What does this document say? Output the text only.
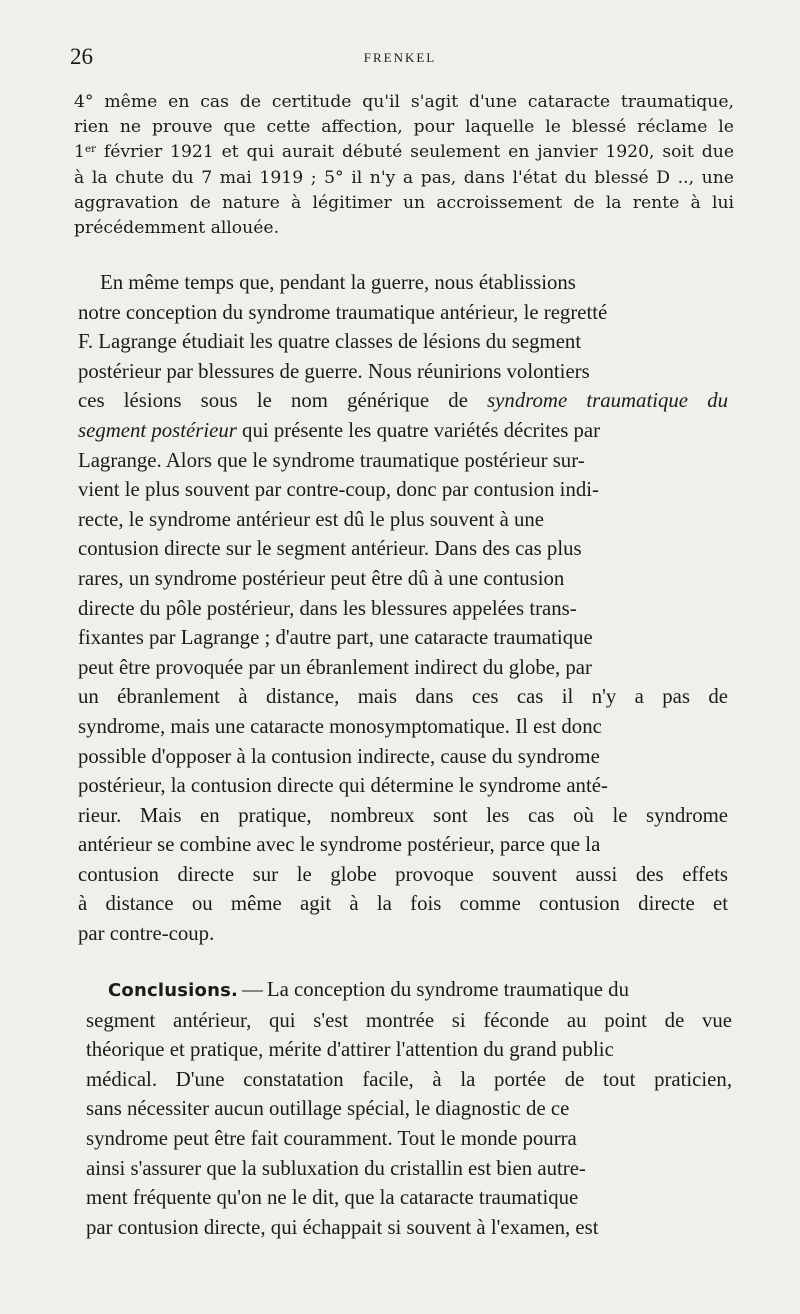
26	FRENKEL
4° même en cas de certitude qu'il s'agit d'une cataracte traumatique,
rien ne prouve que cette affection, pour laquelle le blessé réclame le
1er février 1921 et qui aurait débuté seulement en janvier 1920, soit due
à la chute du 7 mai 1919 ; 5° il n'y a pas, dans l'état du blessé D .., une
aggravation de nature à légitimer un accroissement de la rente à lui
précédemment allouée.
En même temps que, pendant la guerre, nous établissions
notre conception du syndrome traumatique antérieur, le regretté
F. Lagrange étudiait les quatre classes de lésions du segment
postérieur par blessures de guerre. Nous réunirions volontiers
ces lésions sous le nom générique de syndrome traumatique du
segment postérieur qui présente les quatre variétés décrites par
Lagrange. Alors que le syndrome traumatique postérieur sur-
vient le plus souvent par contre-coup, donc par contusion indi-
recte, le syndrome antérieur est dû le plus souvent à une
contusion directe sur le segment antérieur. Dans des cas plus
rares, un syndrome postérieur peut être dû à une contusion
directe du pôle postérieur, dans les blessures appelées trans-
fixantes par Lagrange ; d'autre part, une cataracte traumatique
peut être provoquée par un ébranlement indirect du globe, par
un ébranlement à distance, mais dans ces cas il n'y a pas de
syndrome, mais une cataracte monosymptomatique. Il est donc
possible d'opposer à la contusion indirecte, cause du syndrome
postérieur, la contusion directe qui détermine le syndrome anté-
rieur. Mais en pratique, nombreux sont les cas où le syndrome
antérieur se combine avec le syndrome postérieur, parce que la
contusion directe sur le globe provoque souvent aussi des effets
à distance ou même agit à la fois comme contusion directe et
par contre-coup.
Conclusions. — La conception du syndrome traumatique du
segment antérieur, qui s'est montrée si féconde au point de vue
théorique et pratique, mérite d'attirer l'attention du grand public
médical. D'une constatation facile, à la portée de tout praticien,
sans nécessiter aucun outillage spécial, le diagnostic de ce
syndrome peut être fait couramment. Tout le monde pourra
ainsi s'assurer que la subluxation du cristallin est bien autre-
ment fréquente qu'on ne le dit, que la cataracte traumatique
par contusion directe, qui échappait si souvent à l'examen, est
